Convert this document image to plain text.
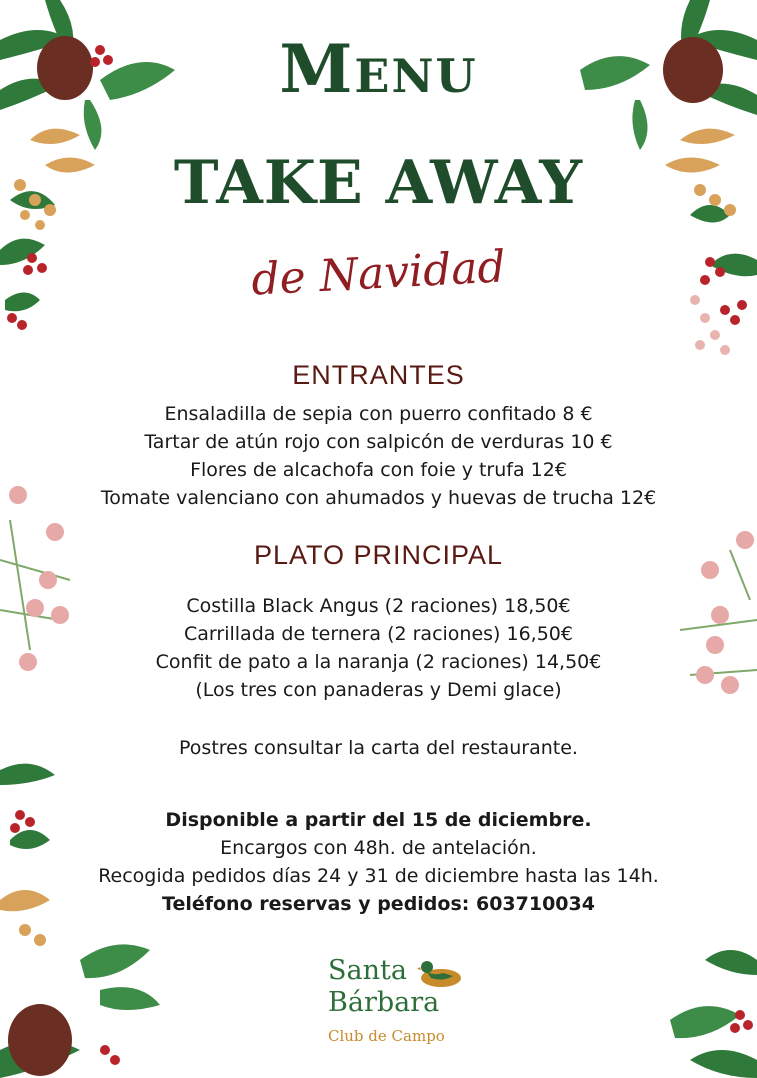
Menu
TAKE AWAY
de Navidad
ENTRANTES
Ensaladilla de sepia con puerro confitado 8 €
Tartar de atún rojo con salpicón de verduras 10 €
Flores de alcachofa con foie y trufa 12€
Tomate valenciano con ahumados y huevas de trucha 12€
PLATO PRINCIPAL
Costilla Black Angus (2 raciones) 18,50€
Carrillada de ternera (2 raciones) 16,50€
Confit de pato a la naranja (2 raciones) 14,50€
(Los tres con panaderas y Demi glace)
Postres consultar la carta del restaurante.
Disponible a partir del 15 de diciembre.
Encargos con 48h. de antelación.
Recogida pedidos días 24 y 31 de diciembre hasta las 14h.
Teléfono reservas y pedidos: 603710034
Santa
Bárbara
Club de Campo
